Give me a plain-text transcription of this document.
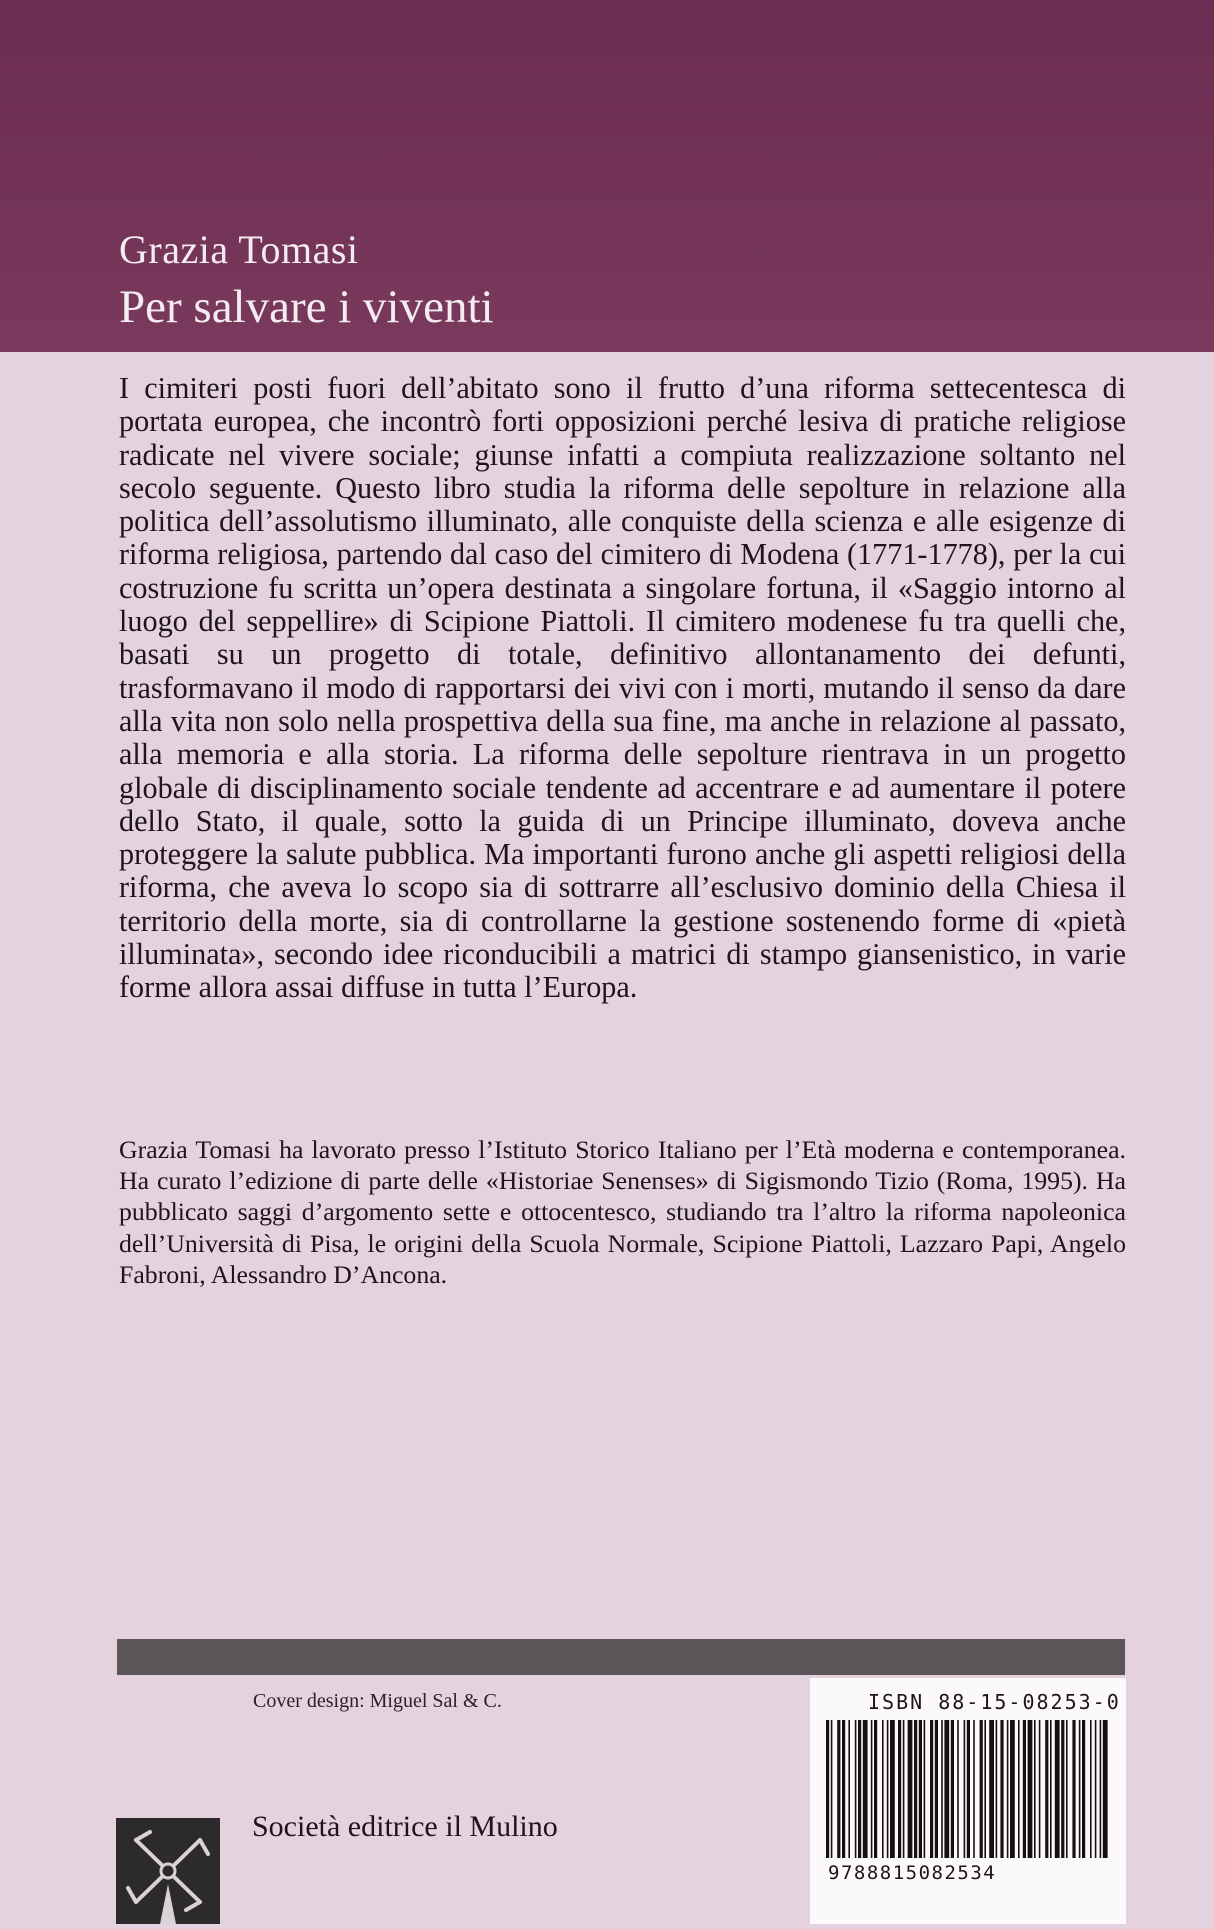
Grazia Tomasi
Per salvare i viventi

I cimiteri posti fuori dell’abitato sono il frutto d’una riforma settecentesca di portata europea, che incontrò forti opposizioni perché lesiva di pratiche religiose radicate nel vivere sociale; giunse infatti a compiuta realizzazione soltanto nel secolo seguente. Questo libro studia la riforma delle sepolture in relazione alla politica dell’assolutismo illuminato, alle conquiste della scienza e alle esigenze di riforma religiosa, partendo dal caso del cimitero di Modena (1771-1778), per la cui costruzione fu scritta un’opera destinata a singolare fortuna, il «Saggio intorno al luogo del seppellire» di Scipione Piattoli. Il cimitero modenese fu tra quelli che, basati su un progetto di totale, definitivo allontanamento dei defunti, trasformavano il modo di rapportarsi dei vivi con i morti, mutando il senso da dare alla vita non solo nella prospettiva della sua fine, ma anche in relazione al passato, alla memoria e alla storia. La riforma delle sepolture rientrava in un progetto globale di disciplinamento sociale tendente ad accentrare e ad aumentare il potere dello Stato, il quale, sotto la guida di un Principe illuminato, doveva anche proteggere la salute pubblica. Ma importanti furono anche gli aspetti religiosi della riforma, che aveva lo scopo sia di sottrarre all’esclusivo dominio della Chiesa il territorio della morte, sia di controllarne la gestione sostenendo forme di «pietà illuminata», secondo idee riconducibili a matrici di stampo giansenistico, in varie forme allora assai diffuse in tutta l’Europa.

Grazia Tomasi ha lavorato presso l’Istituto Storico Italiano per l’Età moderna e contemporanea. Ha curato l’edizione di parte delle «Historiae Senenses» di Sigismondo Tizio (Roma, 1995). Ha pubblicato saggi d’argomento sette e ottocentesco, studiando tra l’altro la riforma napoleonica dell’Università di Pisa, le origini della Scuola Normale, Scipione Piattoli, Lazzaro Papi, Angelo Fabroni, Alessandro D’Ancona.

Cover design: Miguel Sal & C.
Società editrice il Mulino
ISBN 88-15-08253-0
9788815082534
